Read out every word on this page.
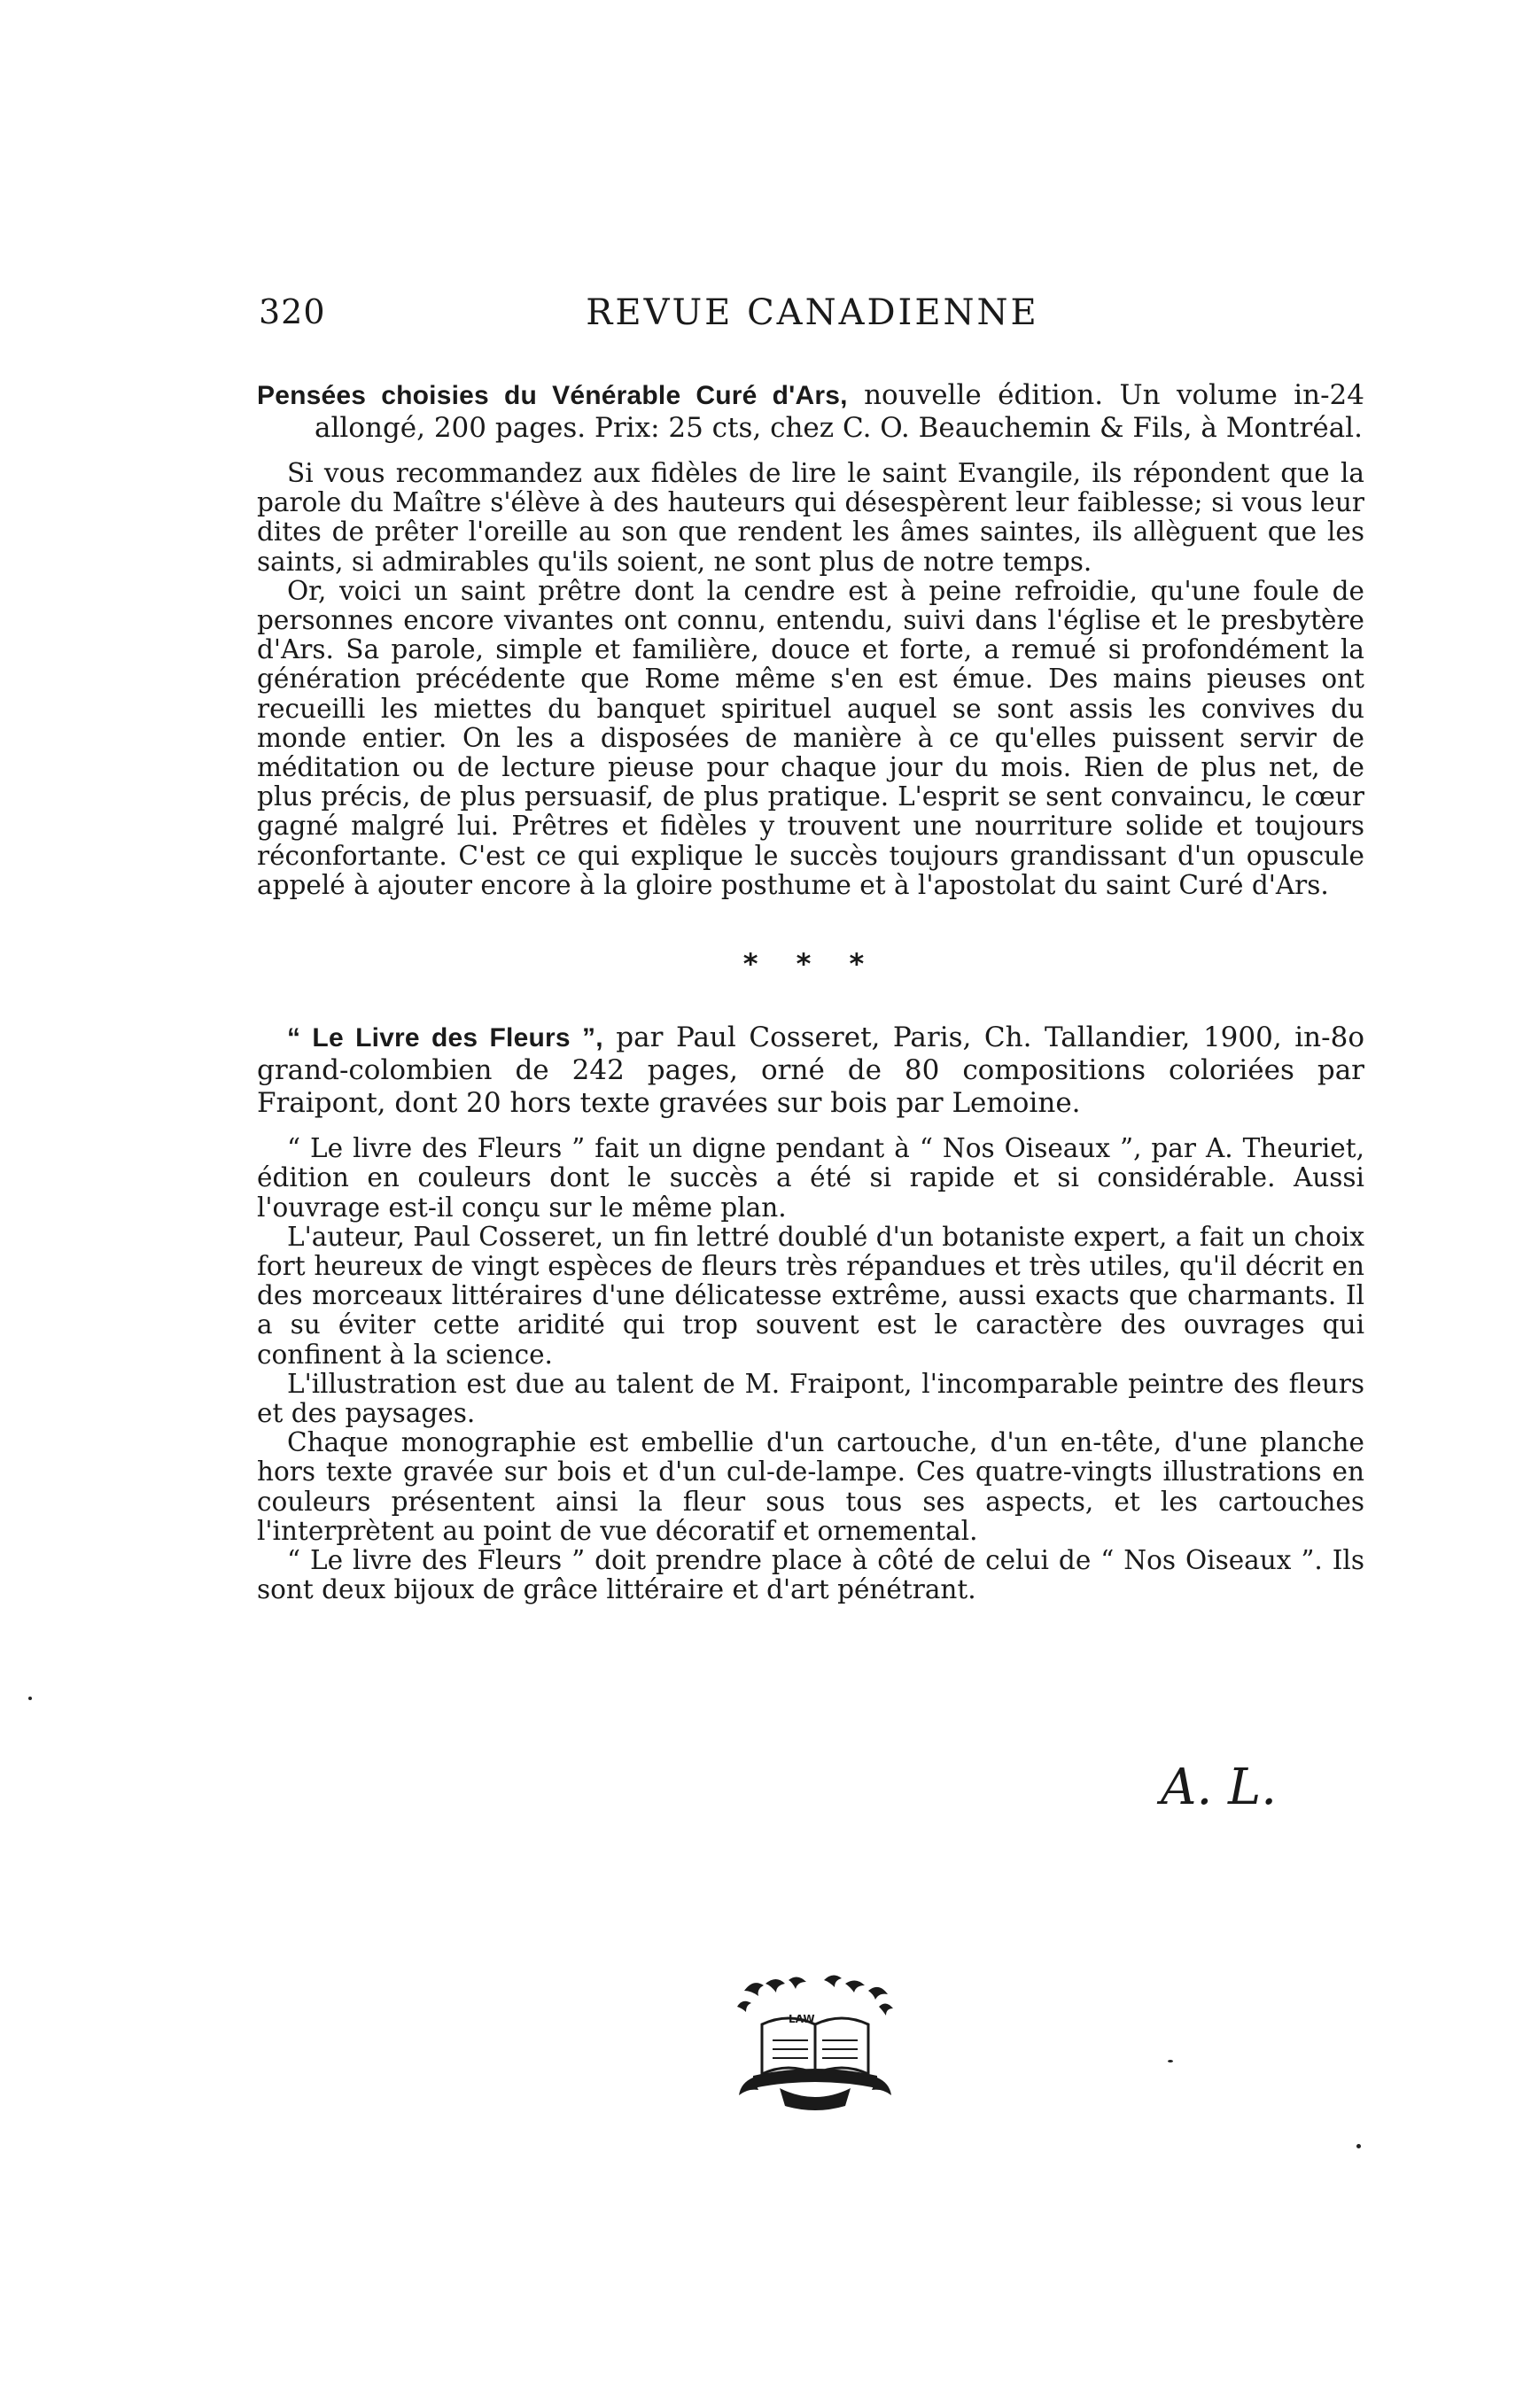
320	REVUE CANADIENNE

Pensées choisies du Vénérable Curé d'Ars, nouvelle édition. Un volume in-24 allongé, 200 pages. Prix: 25 cts, chez C. O. Beauchemin & Fils, à Montréal.

Si vous recommandez aux fidèles de lire le saint Evangile, ils répondent que la parole du Maître s'élève à des hauteurs qui désespèrent leur faiblesse; si vous leur dites de prêter l'oreille au son que rendent les âmes saintes, ils allèguent que les saints, si admirables qu'ils soient, ne sont plus de notre temps.

Or, voici un saint prêtre dont la cendre est à peine refroidie, qu'une foule de personnes encore vivantes ont connu, entendu, suivi dans l'église et le presbytère d'Ars. Sa parole, simple et familière, douce et forte, a remué si profondément la génération précédente que Rome même s'en est émue. Des mains pieuses ont recueilli les miettes du banquet spirituel auquel se sont assis les convives du monde entier. On les a disposées de manière à ce qu'elles puissent servir de méditation ou de lecture pieuse pour chaque jour du mois. Rien de plus net, de plus précis, de plus persuasif, de plus pratique. L'esprit se sent convaincu, le cœur gagné malgré lui. Prêtres et fidèles y trouvent une nourriture solide et toujours réconfortante. C'est ce qui explique le succès toujours grandissant d'un opuscule appelé à ajouter encore à la gloire posthume et à l'apostolat du saint Curé d'Ars.

* * *

“ Le Livre des Fleurs ”, par Paul Cosseret, Paris, Ch. Tallandier, 1900, in-8o grand-colombien de 242 pages, orné de 80 compositions coloriées par Fraipont, dont 20 hors texte gravées sur bois par Lemoine.

“ Le livre des Fleurs ” fait un digne pendant à “ Nos Oiseaux ”, par A. Theuriet, édition en couleurs dont le succès a été si rapide et si considérable. Aussi l'ouvrage est-il conçu sur le même plan.

L'auteur, Paul Cosseret, un fin lettré doublé d'un botaniste expert, a fait un choix fort heureux de vingt espèces de fleurs très répandues et très utiles, qu'il décrit en des morceaux littéraires d'une délicatesse extrême, aussi exacts que charmants. Il a su éviter cette aridité qui trop souvent est le caractère des ouvrages qui confinent à la science.

L'illustration est due au talent de M. Fraipont, l'incomparable peintre des fleurs et des paysages.

Chaque monographie est embellie d'un cartouche, d'un en-tête, d'une planche hors texte gravée sur bois et d'un cul-de-lampe. Ces quatre-vingts illustrations en couleurs présentent ainsi la fleur sous tous ses aspects, et les cartouches l'interprètent au point de vue décoratif et ornemental.

“ Le livre des Fleurs ” doit prendre place à côté de celui de “ Nos Oiseaux ”. Ils sont deux bijoux de grâce littéraire et d'art pénétrant.

A. L.
LAW
